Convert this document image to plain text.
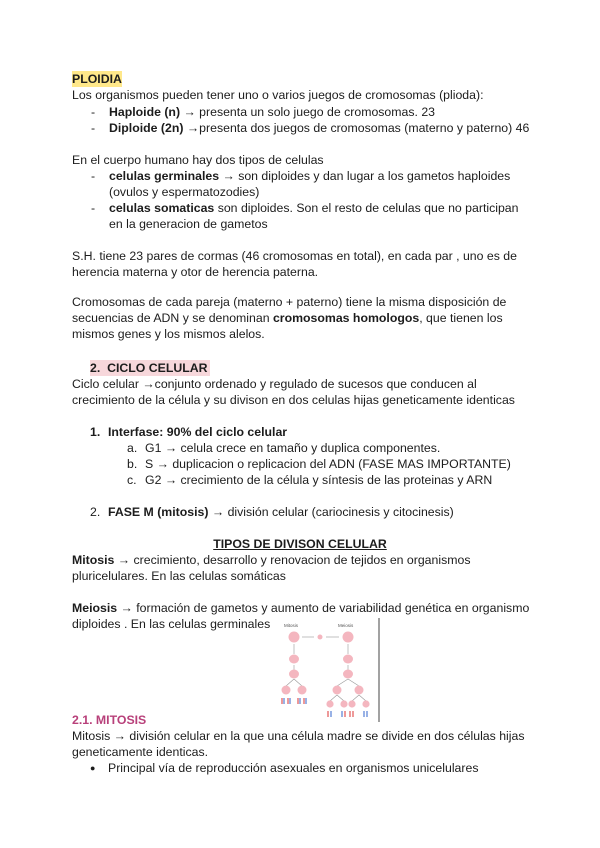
PLOIDIA
Los organismos pueden tener uno o varios juegos de cromosomas (plioda):
- Haploide (n) → presenta un solo juego de cromosomas. 23
- Diploide (2n) →presenta dos juegos de cromosomas (materno y paterno) 46
En el cuerpo humano hay dos tipos de celulas
- celulas germinales → son diploides y dan lugar a los gametos haploides
(ovulos y espermatozodies)
- celulas somaticas son diploides. Son el resto de celulas que no participan
en la generacion de gametos
S.H. tiene 23 pares de cormas (46 cromosomas en total), en cada par , uno es de
herencia materna y otor de herencia paterna.
Cromosomas de cada pareja (materno + paterno) tiene la misma disposición de
secuencias de ADN y se denominan cromosomas homologos, que tienen los
mismos genes y los mismos alelos.
2. CICLO CELULAR
Ciclo celular →conjunto ordenado y regulado de sucesos que conducen al
crecimiento de la célula y su divison en dos celulas hijas geneticamente identicas
1. Interfase: 90% del ciclo celular
a. G1 → celula crece en tamaño y duplica componentes.
b. S → duplicacion o replicacion del ADN (FASE MAS IMPORTANTE)
c. G2 → crecimiento de la célula y síntesis de las proteinas y ARN
2. FASE M (mitosis) → división celular (cariocinesis y citocinesis)
TIPOS DE DIVISON CELULAR
Mitosis → crecimiento, desarrollo y renovacion de tejidos en organismos
pluricelulares. En las celulas somáticas
Meiosis → formación de gametos y aumento de variabilidad genética en organismo
diploides . En las celulas germinales	Mitosis	Meiosis
2.1. MITOSIS
Mitosis → división celular en la que una célula madre se divide en dos células hijas
geneticamente identicas.
● Principal vía de reproducción asexuales en organismos unicelulares
